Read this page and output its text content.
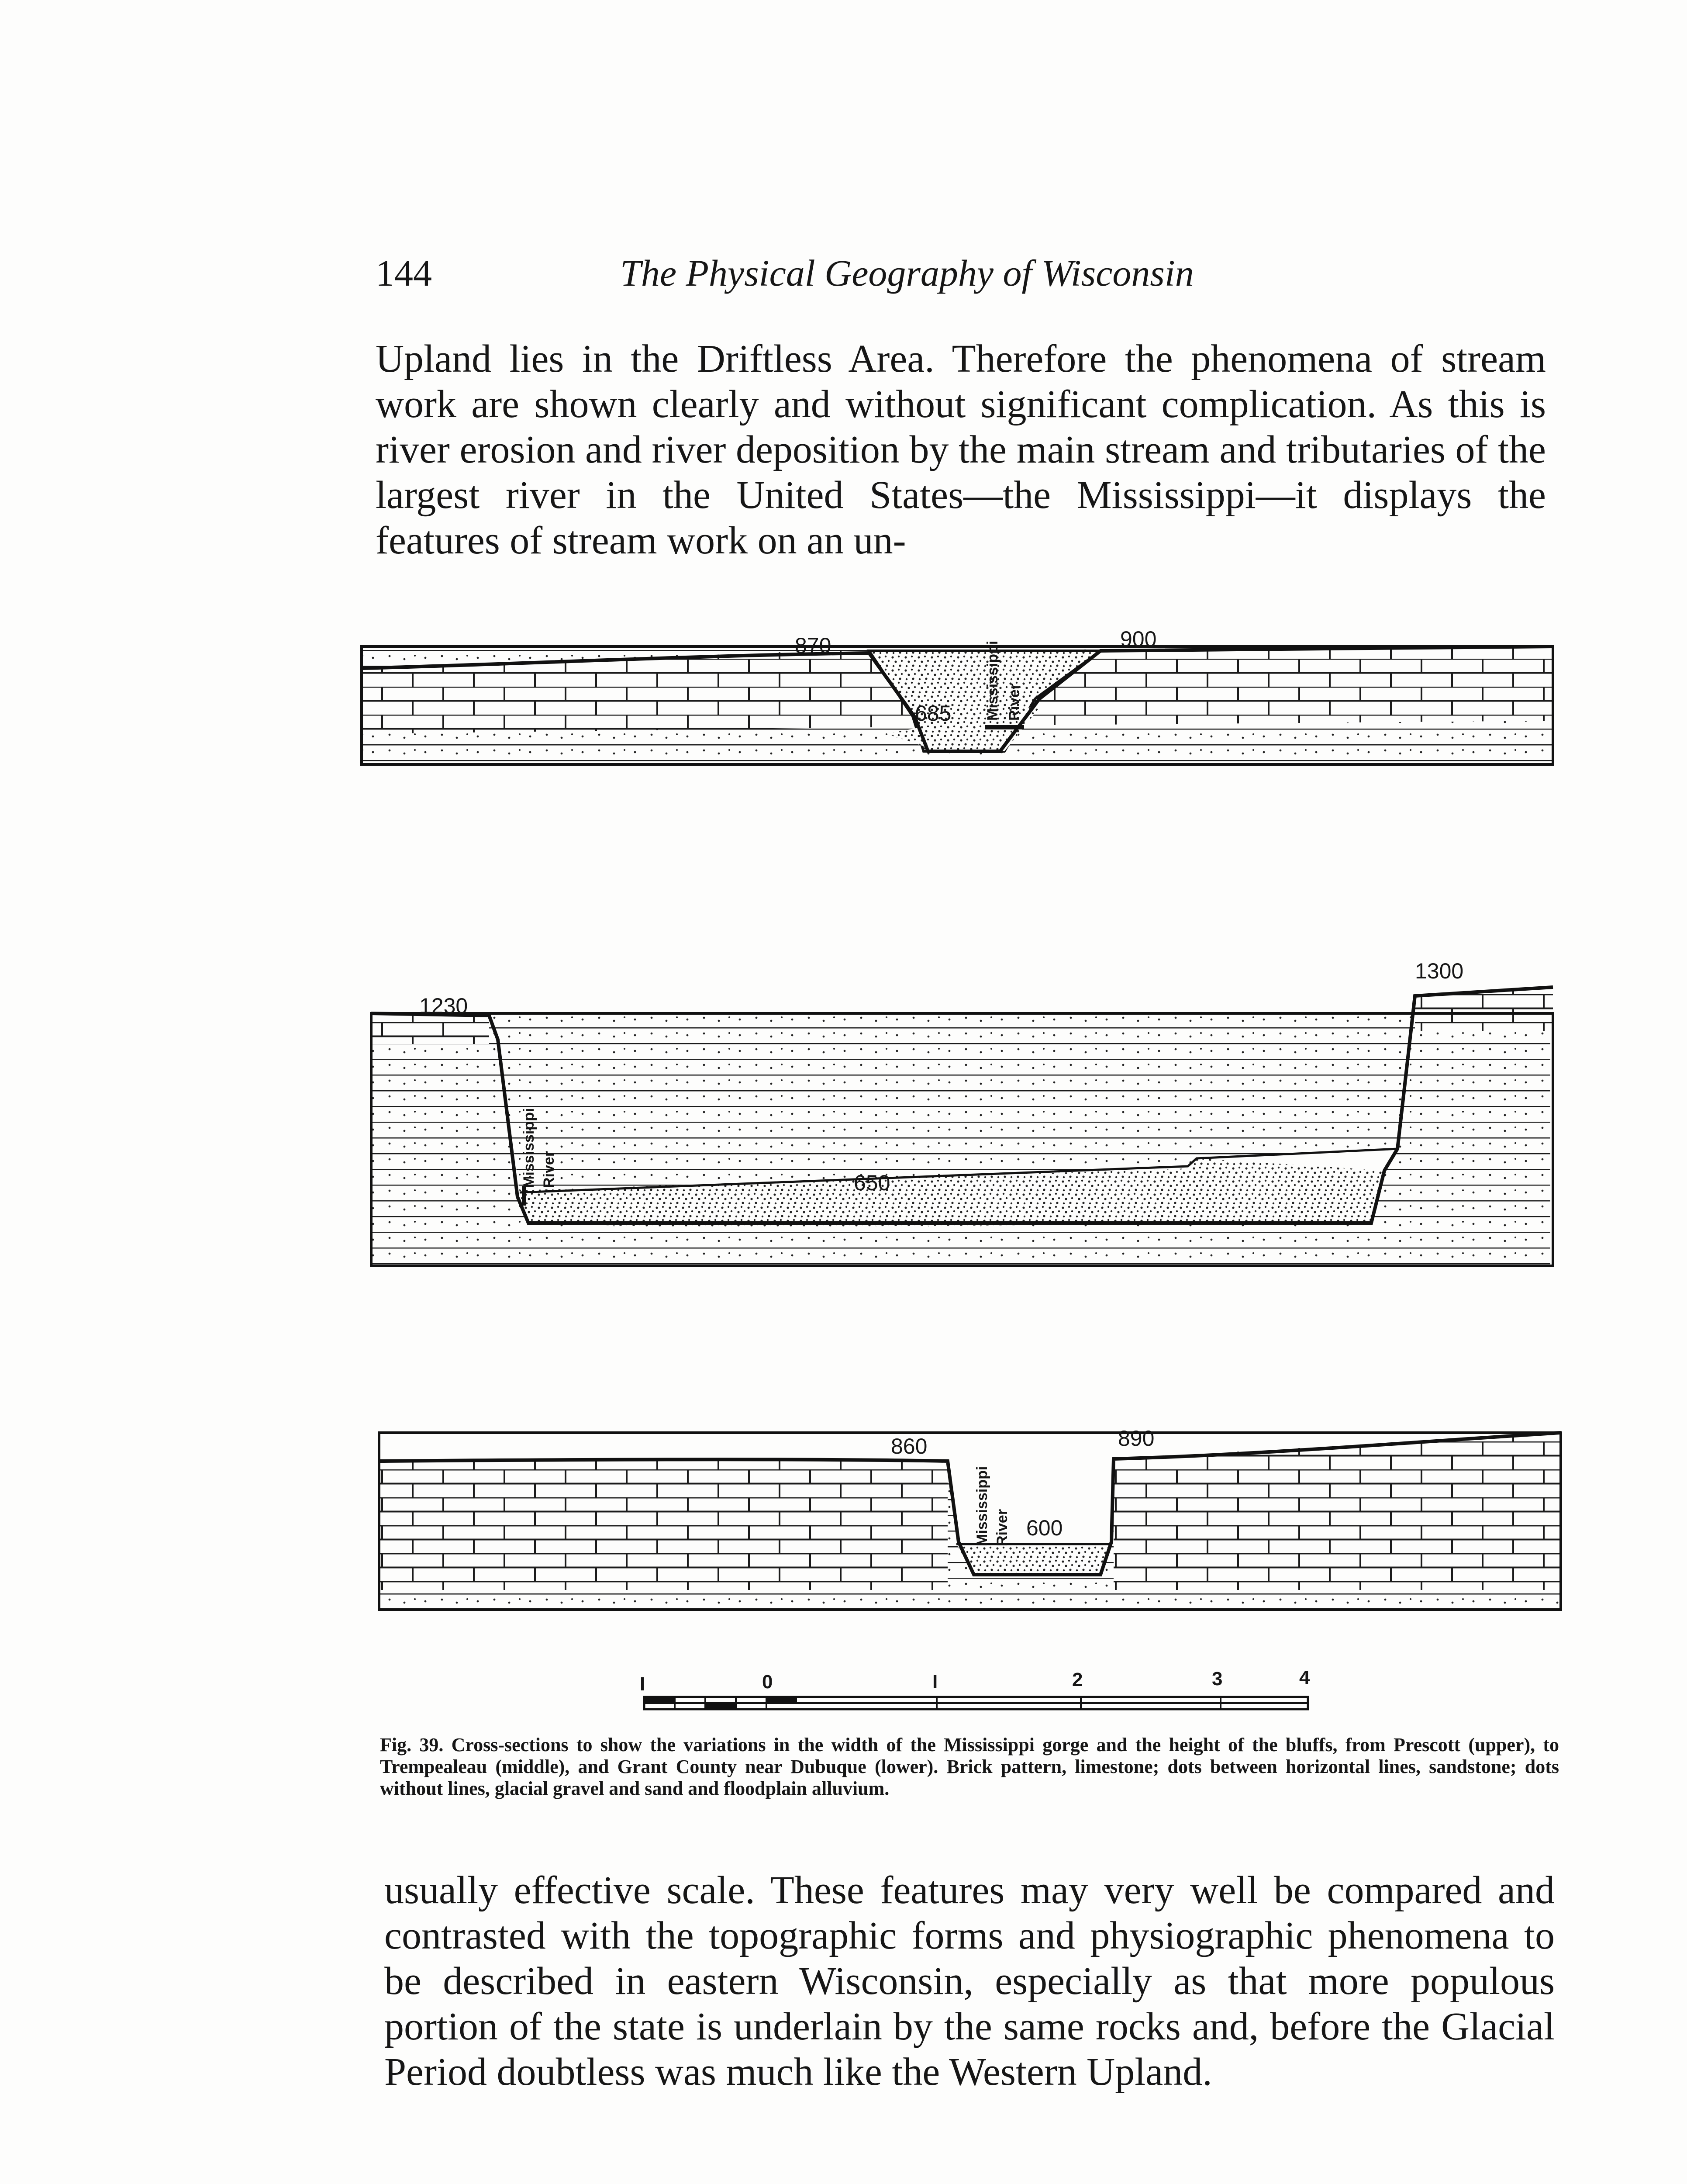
144	The Physical Geography of Wisconsin

Upland lies in the Driftless Area. Therefore the phenomena of stream work are shown clearly and without significant complication. As this is river erosion and river deposition by the main stream and tributaries of the largest river in the United States—the Mississippi—it displays the features of stream work on an un-

870	900
685 Mississippi River
1230
1300
650
Mississippi River
860	890
600
Mississippi River
I	0	I	2	3	4

Fig. 39. Cross-sections to show the variations in the width of the Mississippi gorge and the height of the bluffs, from Prescott (upper), to Trempealeau (middle), and Grant County near Dubuque (lower). Brick pattern, limestone; dots between horizontal lines, sandstone; dots without lines, glacial gravel and sand and floodplain alluvium.

usually effective scale. These features may very well be compared and contrasted with the topographic forms and physiographic phenomena to be described in eastern Wisconsin, especially as that more populous portion of the state is underlain by the same rocks and, before the Glacial Period doubtless was much like the Western Upland.
